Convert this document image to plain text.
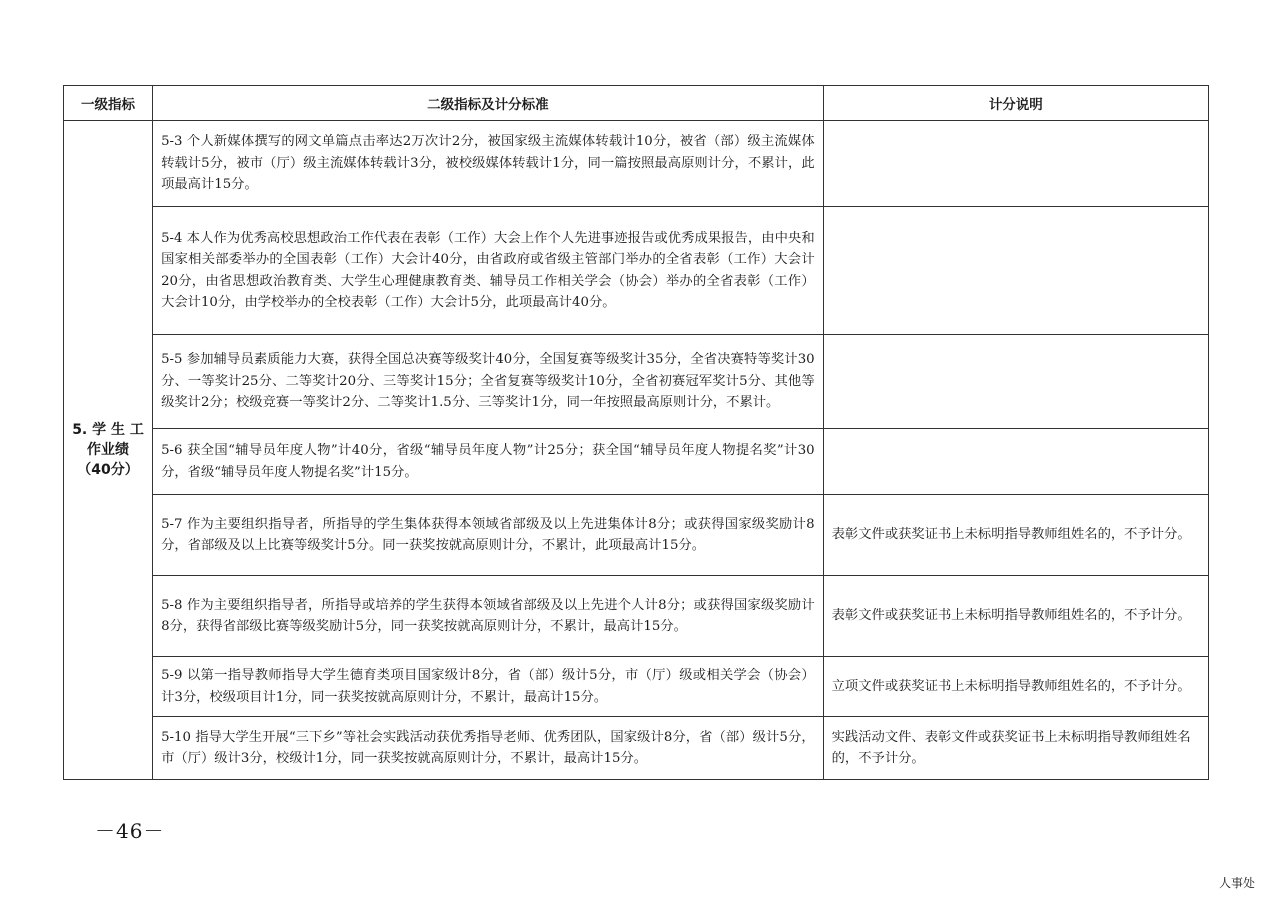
一级指标	二级指标及计分标准	计分说明

5. 学 生 工
作业绩
（40分）	5-3 个人新媒体撰写的网文单篇点击率达2万次计2分，被国家级主流媒体转载计10分，被省（部）级主流媒体转载计5分，被市（厅）级主流媒体转载计3分，被校级媒体转载计1分，同一篇按照最高原则计分，不累计，此项最高计15分。	
	5-4 本人作为优秀高校思想政治工作代表在表彰（工作）大会上作个人先进事迹报告或优秀成果报告，由中央和国家相关部委举办的全国表彰（工作）大会计40分，由省政府或省级主管部门举办的全省表彰（工作）大会计20分，由省思想政治教育类、大学生心理健康教育类、辅导员工作相关学会（协会）举办的全省表彰（工作）大会计10分，由学校举办的全校表彰（工作）大会计5分，此项最高计40分。	
	5-5 参加辅导员素质能力大赛，获得全国总决赛等级奖计40分，全国复赛等级奖计35分，全省决赛特等奖计30分、一等奖计25分、二等奖计20分、三等奖计15分；全省复赛等级奖计10分，全省初赛冠军奖计5分、其他等级奖计2分；校级竞赛一等奖计2分、二等奖计1.5分、三等奖计1分，同一年按照最高原则计分，不累计。	
	5-6 获全国“辅导员年度人物”计40分，省级“辅导员年度人物”计25分；获全国“辅导员年度人物提名奖”计30分，省级“辅导员年度人物提名奖”计15分。	
	5-7 作为主要组织指导者，所指导的学生集体获得本领域省部级及以上先进集体计8分；或获得国家级奖励计8分，省部级及以上比赛等级奖计5分。同一获奖按就高原则计分，不累计，此项最高计15分。	表彰文件或获奖证书上未标明指导教师组姓名的，不予计分。
	5-8 作为主要组织指导者，所指导或培养的学生获得本领域省部级及以上先进个人计8分；或获得国家级奖励计8分，获得省部级比赛等级奖励计5分，同一获奖按就高原则计分，不累计，最高计15分。	表彰文件或获奖证书上未标明指导教师组姓名的，不予计分。
	5-9 以第一指导教师指导大学生德育类项目国家级计8分，省（部）级计5分，市（厅）级或相关学会（协会）计3分，校级项目计1分，同一获奖按就高原则计分，不累计，最高计15分。	立项文件或获奖证书上未标明指导教师组姓名的，不予计分。
	5-10 指导大学生开展“三下乡”等社会实践活动获优秀指导老师、优秀团队，国家级计8分，省（部）级计5分，市（厅）级计3分，校级计1分，同一获奖按就高原则计分，不累计，最高计15分。	实践活动文件、表彰文件或获奖证书上未标明指导教师组姓名的，不予计分。
－46－
人事处
